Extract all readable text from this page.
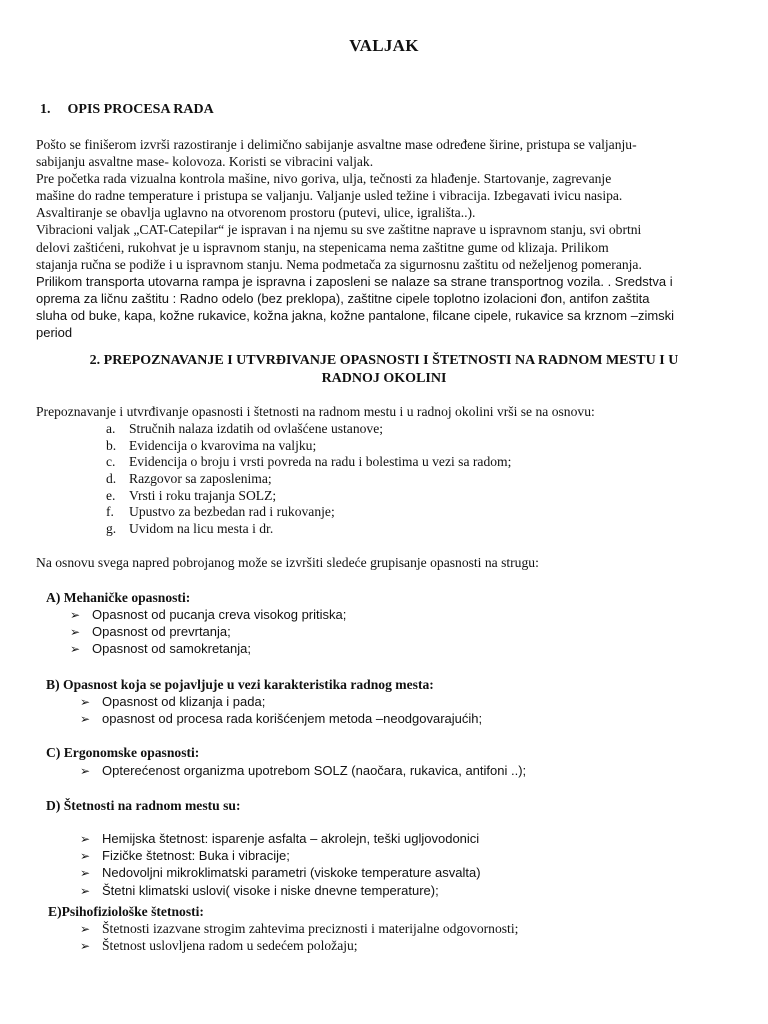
VALJAK
1. OPIS PROCESA RADA
Pošto se finišerom izvrši razostiranje i delimično sabijanje asvaltne mase određene širine, pristupa se valjanju-
sabijanju asvaltne mase- kolovoza. Koristi se vibracini valjak.
Pre početka rada vizualna kontrola mašine, nivo goriva, ulja, tečnosti za hlađenje. Startovanje, zagrevanje
mašine do radne temperature i pristupa se valjanju. Valjanje usled težine i vibracija. Izbegavati ivicu nasipa.
Asvaltiranje se obavlja uglavno na otvorenom prostoru (putevi, ulice, igrališta..).
Vibracioni valjak „CAT-Catepilar“ je ispravan i na njemu su sve zaštitne naprave u ispravnom stanju, svi obrtni
delovi zaštićeni, rukohvat je u ispravnom stanju, na stepenicama nema zaštitne gume od klizaja. Prilikom
stajanja ručna se podiže i u ispravnom stanju. Nema podmetača za sigurnosnu zaštitu od neželjenog pomeranja.
Prilikom transporta utovarna rampa je ispravna i zaposleni se nalaze sa strane transportnog vozila. . Sredstva i
oprema za ličnu zaštitu : Radno odelo (bez preklopa), zaštitne cipele toplotno izolacioni đon, antifon zaštita
sluha od buke, kapa, kožne rukavice, kožna jakna, kožne pantalone, filcane cipele, rukavice sa krznom –zimski
period
2. PREPOZNAVANJE I UTVRĐIVANJE OPASNOSTI I ŠTETNOSTI NA RADNOM MESTU I U
RADNOJ OKOLINI
Prepoznavanje i utvrđivanje opasnosti i štetnosti na radnom mestu i u radnoj okolini vrši se na osnovu:
a. Stručnih nalaza izdatih od ovlašćene ustanove;
b. Evidencija o kvarovima na valjku;
c. Evidencija o broju i vrsti povreda na radu i bolestima u vezi sa radom;
d. Razgovor sa zaposlenima;
e. Vrsti i roku trajanja SOLZ;
f. Upustvo za bezbedan rad i rukovanje;
g. Uvidom na licu mesta i dr.
Na osnovu svega napred pobrojanog može se izvršiti sledeće grupisanje opasnosti na strugu:
A) Mehaničke opasnosti:
➢ Opasnost od pucanja creva visokog pritiska;
➢ Opasnost od prevrtanja;
➢ Opasnost od samokretanja;
B) Opasnost koja se pojavljuje u vezi karakteristika radnog mesta:
➢ Opasnost od klizanja i pada;
➢ opasnost od procesa rada korišćenjem metoda –neodgovarajućih;
C) Ergonomske opasnosti:
➢ Opterećenost organizma upotrebom SOLZ (naočara, rukavica, antifoni ..);
D) Štetnosti na radnom mestu su:
➢ Hemijska štetnost: isparenje asfalta – akrolejn, teški ugljovodonici
➢ Fizičke štetnost: Buka i vibracije;
➢ Nedovoljni mikroklimatski parametri (viskoke temperature asvalta)
➢ Štetni klimatski uslovi( visoke i niske dnevne temperature);
E)Psihofiziološke štetnosti:
➢ Štetnosti izazvane strogim zahtevima preciznosti i materijalne odgovornosti;
➢ Štetnost uslovljena radom u sedećem položaju;
